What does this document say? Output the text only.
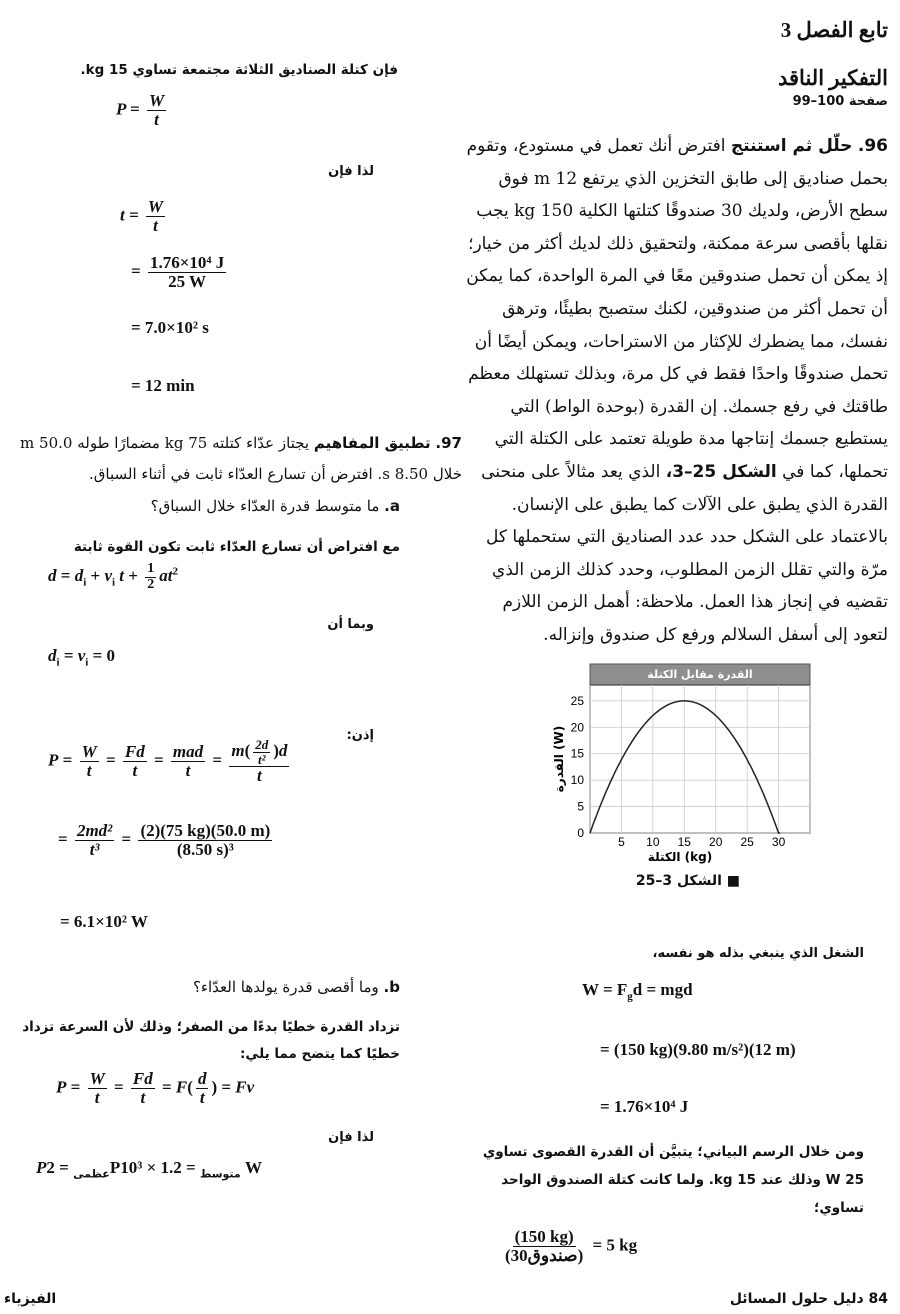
تابع الفصل 3
التفكير الناقد
صفحة 100–99
96. حلّل ثم استنتج افترض أنك تعمل في مستودع، وتقوم بحمل صناديق إلى طابق التخزين الذي يرتفع 12 m فوق سطح الأرض، ولديك 30 صندوقًا كتلتها الكلية 150 kg يجب نقلها بأقصى سرعة ممكنة، ولتحقيق ذلك لديك أكثر من خيار؛ إذ يمكن أن تحمل صندوقين معًا في المرة الواحدة، كما يمكن أن تحمل أكثر من صندوقين، لكنك ستصبح بطيئًا، وترهق نفسك، مما يضطرك للإكثار من الاستراحات، ويمكن أيضًا أن تحمل صندوقًا واحدًا فقط في كل مرة، وبذلك تستهلك معظم طاقتك في رفع جسمك. إن القدرة (بوحدة الواط) التي يستطيع جسمك إنتاجها مدة طويلة تعتمد على الكتلة التي تحملها، كما في الشكل 25–3، الذي يعد مثالاً على منحنى القدرة الذي يطبق على الآلات كما يطبق على الإنسان. بالاعتماد على الشكل حدد عدد الصناديق التي ستحملها كل مرّة والتي تقلل الزمن المطلوب، وحدد كذلك الزمن الذي تقضيه في إنجاز هذا العمل. ملاحظة: أهمل الزمن اللازم لتعود إلى أسفل السلالم ورفع كل صندوق وإنزاله.
القدرة مقابل الكتلة
5 10 15 20 25 30
5
10
15
20
25
0
الكتلة (kg)
القدرة (W)
■ الشكل 3–25
الشغل الذي ينبغي بذله هو نفسه،
$W = F_gd$ = mgd
= (150 kg)(9.80 m/s²)(12 m)
= 1.76×10⁴ J
ومن خلال الرسم البياني؛ يتبيَّن أن القدرة القصوى تساوي 25 W وذلك عند 15 kg. ولما كانت كتلة الصندوق الواحد تساوي؛
$\frac{(150 kg)}{\text{(30صندوق)}} = 5$ kg
فإن كتلة الصناديق الثلاثة مجتمعة تساوي 15 kg.
$P = \frac{W}{t}$
لذا فإن
$t = \frac{W}{t}$
= $\frac{\text{1.76×10⁴ J}}{25 W}$
= 7.0×10² s
= 12 min
97. تطبيق المفاهيم يجتاز عدّاء كتلته 75 kg مضمارًا طوله 50.0 m خلال 8.50 s. افترض أن تسارع العدّاء ثابت في أثناء السباق.
a. ما متوسط قدرة العدّاء خلال السباق؟
مع افتراض أن تسارع العدّاء ثابت تكون القوة ثابتة
$d = d_i + v_i$ $t + \frac{1}{2} at^2$
وبما أن
$d_i = v_i = 0$
إذن:
$P = \frac{W}{t} = \frac{Fd}{t} = \frac{\text{mad}}{t} = \frac{m( \frac{2d}{\text{t²}} )d}{t}$
= $\frac{\text{2md²}}{\text{t³}} = \frac{(2)(75 kg)(50.0 m)}{\text{(8.50 s)³}}$
= 6.1×10² W
b. وما أقصى قدرة يولدها العدّاء؟
تزداد القدرة خطيًا بدءًا من الصفر؛ وذلك لأن السرعة تزداد خطيًا كما يتضح مما يلي:
$P = \frac{W}{t} = \frac{Fd}{t} = F( \frac{d}{t}$ ) = Fv
لذا فإن
P $_{عظمى}$ = 2P	$_{متوسط}$ = 1.2 × 10³ W
84 دليل حلول المسائل
الفيزياء
